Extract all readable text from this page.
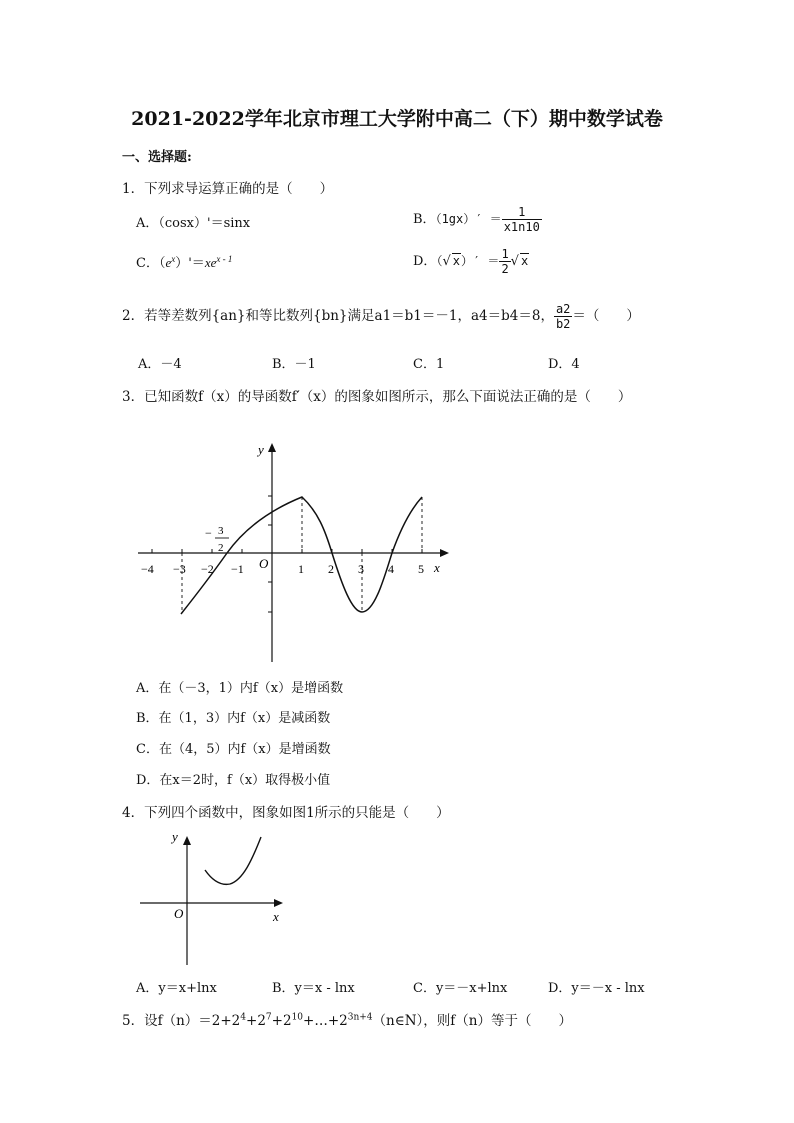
2021-2022学年北京市理工大学附中高二（下）期中数学试卷
一、选择题:
1．下列求导运算正确的是（　　）
A．（cosx）'＝sinx	B．$(1gx)' = \frac{1}{x1n10}$
C．$(e^x)'=xe^{x - 1}$	D．（√ $x)' = \frac{1}{2}$ √ x
2．若等差数列{an}和等比数列{bn}满足a1＝b1＝－1，a4＝b4＝8， $\frac{a2}{b2}$ ＝（　　）
A．－4	B．－1	C．1	D．4
3．已知函数f（x）的导函数f′（x）的图象如图所示，那么下面说法正确的是（　　）
y
x
O
−4 −3 −2 −1	1 2 3 4 5
− 3
2
A．在（－3，1）内f（x）是增函数
B．在（1，3）内f（x）是减函数
C．在（4，5）内f（x）是增函数
D．在x＝2时，f（x）取得极小值
4．下列四个函数中，图象如图1所示的只能是（　　）
y
x
O
A．y＝x+lnx	B．y＝x - lnx	C．y＝－x+lnx	D．y＝－x - lnx
5．设$f(n)=2+2^4+2^7+2^{10}+\dots+2^{3n+4}(n\in N)$，则f（n）等于（　　）
